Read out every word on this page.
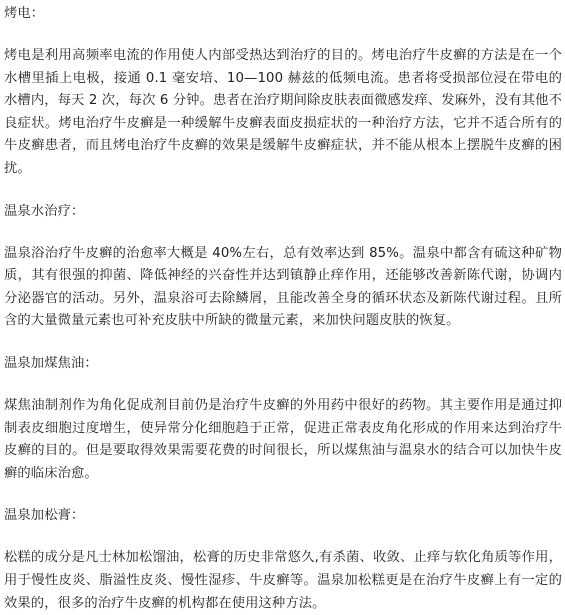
烤电：

烤电是利用高频率电流的作用使人内部受热达到治疗的目的。烤电治疗牛皮癣的方法是在一个水槽里插上电极，接通 0.1 毫安培、10—100 赫兹的低频电流。患者将受损部位浸在带电的水槽内，每天 2 次，每次 6 分钟。患者在治疗期间除皮肤表面微感发痒、发麻外，没有其他不良症状。烤电治疗牛皮癣是一种缓解牛皮癣表面皮损症状的一种治疗方法，它并不适合所有的牛皮癣患者，而且烤电治疗牛皮癣的效果是缓解牛皮癣症状，并不能从根本上摆脱牛皮癣的困扰。

温泉水治疗：

温泉浴治疗牛皮癣的治愈率大概是 40%左右，总有效率达到 85%。温泉中都含有硫这种矿物质，其有很强的抑菌、降低神经的兴奋性并达到镇静止痒作用，还能够改善新陈代谢，协调内分泌器官的活动。另外，温泉浴可去除鳞屑，且能改善全身的循环状态及新陈代谢过程。且所含的大量微量元素也可补充皮肤中所缺的微量元素，来加快问题皮肤的恢复。

温泉加煤焦油：

煤焦油制剂作为角化促成剂目前仍是治疗牛皮癣的外用药中很好的药物。其主要作用是通过抑制表皮细胞过度增生，使异常分化细胞趋于正常，促进正常表皮角化形成的作用来达到治疗牛皮癣的目的。但是要取得效果需要花费的时间很长，所以煤焦油与温泉水的结合可以加快牛皮癣的临床治愈。

温泉加松膏：

松糕的成分是凡士林加松馏油，松膏的历史非常悠久,有杀菌、收敛、止痒与软化角质等作用，用于慢性皮炎、脂溢性皮炎、慢性湿疹、牛皮癣等。温泉加松糕更是在治疗牛皮癣上有一定的效果的，很多的治疗牛皮癣的机构都在使用这种方法。
